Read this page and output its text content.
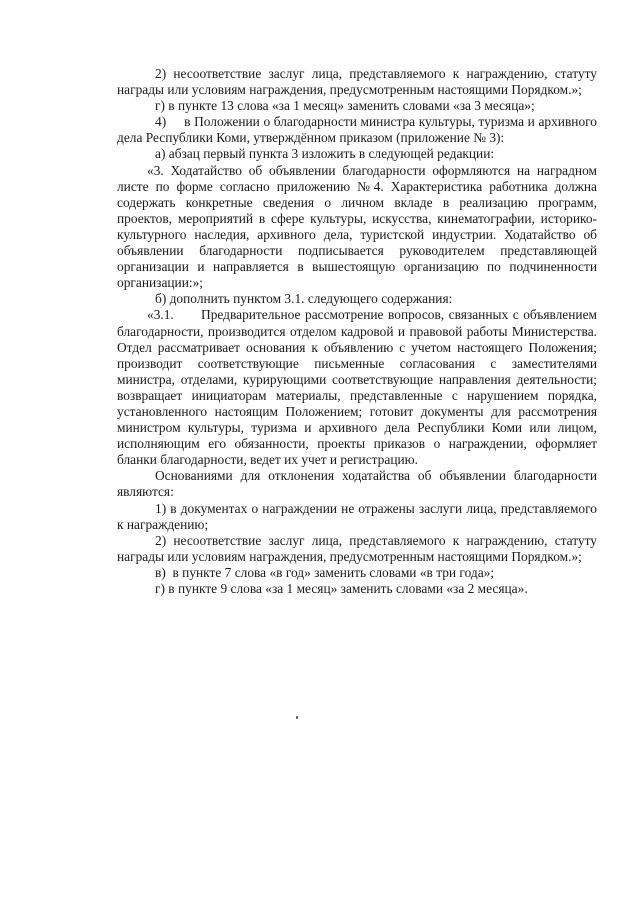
2) несоответствие заслуг лица, представляемого к награждению, статуту награды или условиям награждения, предусмотренным настоящими Порядком.»;

г) в пункте 13 слова «за 1 месяц» заменить словами «за 3 месяца»;

4)     в Положении о благодарности министра культуры, туризма и архивного дела Республики Коми, утверждённом приказом (приложение № 3):

а) абзац первый пункта 3 изложить в следующей редакции:

«3. Ходатайство об объявлении благодарности оформляются на наградном листе по форме согласно приложению №4. Характеристика работника должна содержать конкретные сведения о личном вкладе в реализацию программ, проектов, мероприятий в сфере культуры, искусства, кинематографии, историко-культурного наследия, архивного дела, туристской индустрии. Ходатайство об объявлении благодарности подписывается руководителем представляющей организации и направляется в вышестоящую организацию по подчиненности организации:»;

б) дополнить пунктом 3.1. следующего содержания:

«3.1.      Предварительное рассмотрение вопросов, связанных с объявлением благодарности, производится отделом кадровой и правовой работы Министерства. Отдел рассматривает основания к объявлению с учетом настоящего Положения; производит соответствующие письменные согласования с заместителями министра, отделами, курирующими соответствующие направления деятельности; возвращает инициаторам материалы, представленные с нарушением порядка, установленного настоящим Положением; готовит документы для рассмотрения министром культуры, туризма и архивного дела Республики Коми или лицом, исполняющим его обязанности, проекты приказов о награждении, оформляет бланки благодарности, ведет их учет и регистрацию.

Основаниями для отклонения ходатайства об объявлении благодарности являются:

1) в документах о награждении не отражены заслуги лица, представляемого к награждению;

2) несоответствие заслуг лица, представляемого к награждению, статуту награды или условиям награждения, предусмотренным настоящими Порядком.»;

в)  в пункте 7 слова «в год» заменить словами «в три года»;

г) в пункте 9 слова «за 1 месяц» заменить словами «за 2 месяца».
